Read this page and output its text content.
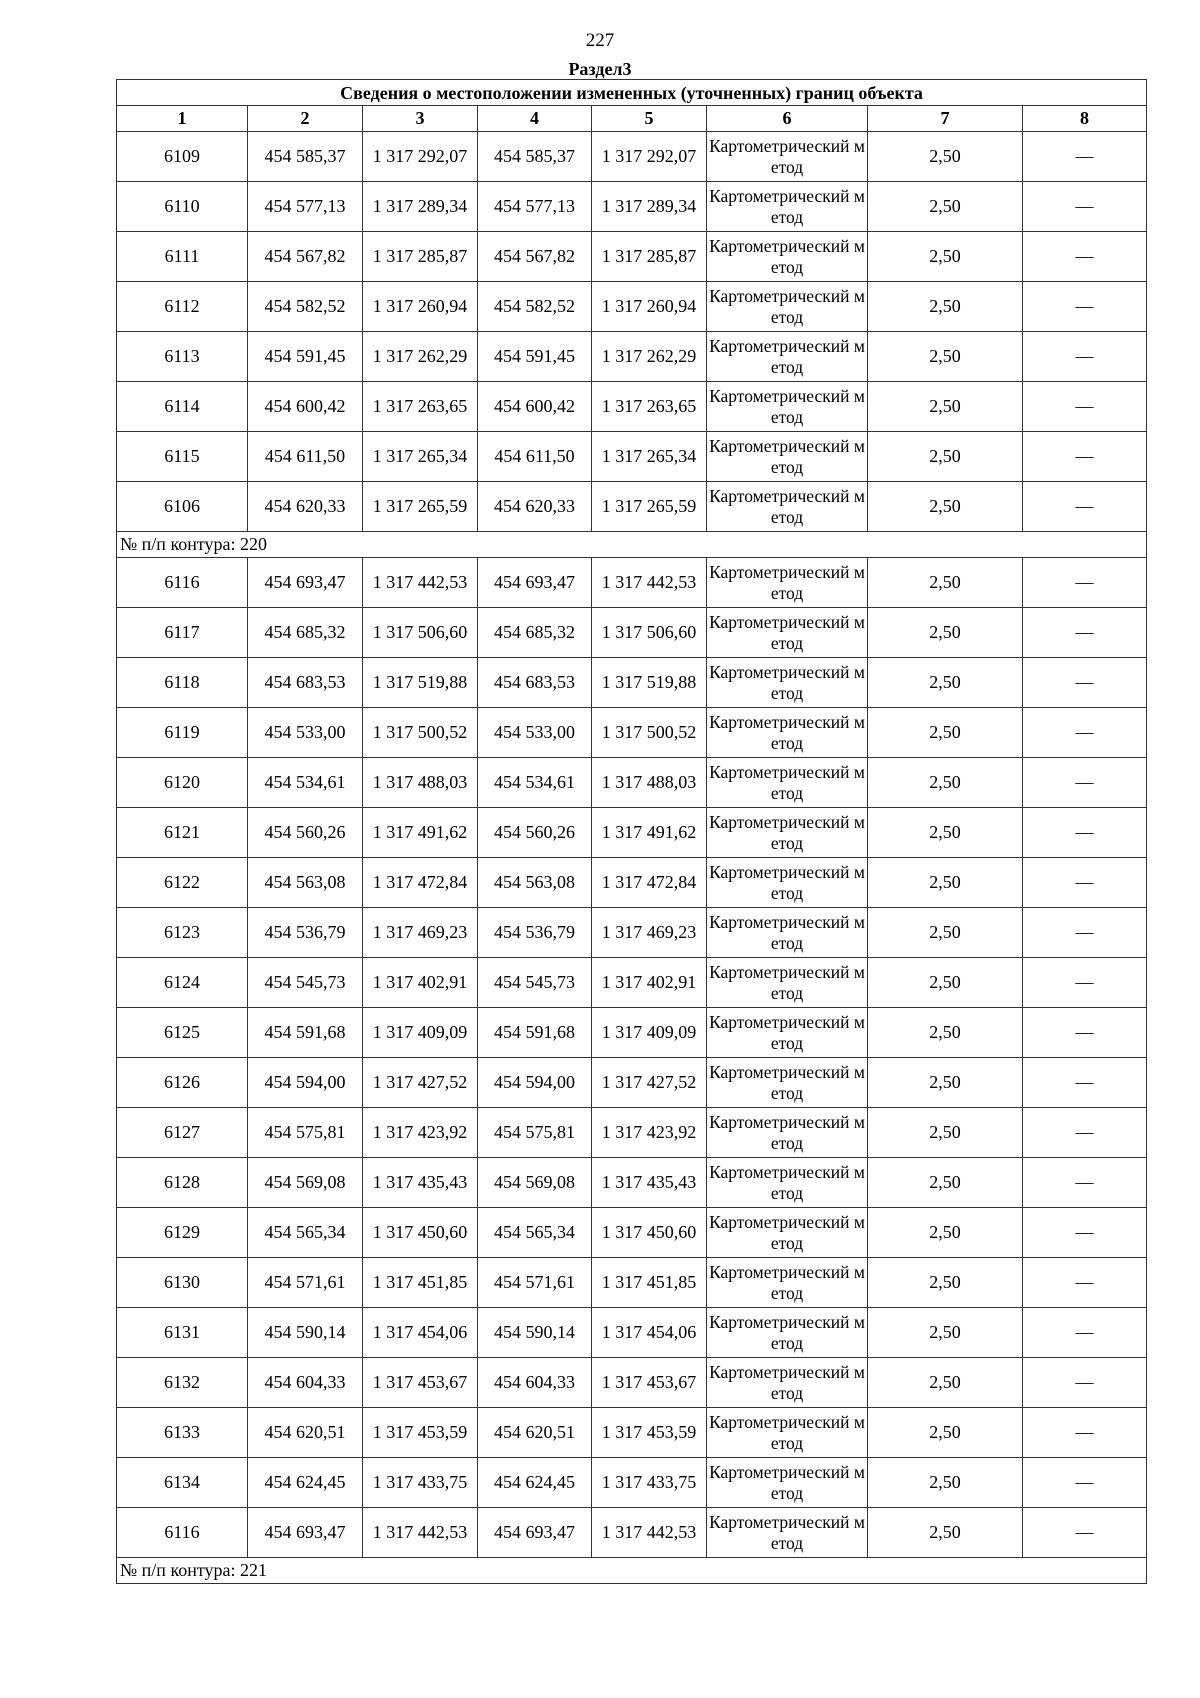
227
Раздел3
Сведения о местоположении измененных (уточненных) границ объекта							
1	2	3	4	5	6	7	8
6109	454 585,37	1 317 292,07	454 585,37	1 317 292,07	Картометрический метод	2,50	—
6110	454 577,13	1 317 289,34	454 577,13	1 317 289,34	Картометрический метод	2,50	—
6111	454 567,82	1 317 285,87	454 567,82	1 317 285,87	Картометрический метод	2,50	—
6112	454 582,52	1 317 260,94	454 582,52	1 317 260,94	Картометрический метод	2,50	—
6113	454 591,45	1 317 262,29	454 591,45	1 317 262,29	Картометрический метод	2,50	—
6114	454 600,42	1 317 263,65	454 600,42	1 317 263,65	Картометрический метод	2,50	—
6115	454 611,50	1 317 265,34	454 611,50	1 317 265,34	Картометрический метод	2,50	—
6106	454 620,33	1 317 265,59	454 620,33	1 317 265,59	Картометрический метод	2,50	—
№ п/п контура: 220							
6116	454 693,47	1 317 442,53	454 693,47	1 317 442,53	Картометрический метод	2,50	—
6117	454 685,32	1 317 506,60	454 685,32	1 317 506,60	Картометрический метод	2,50	—
6118	454 683,53	1 317 519,88	454 683,53	1 317 519,88	Картометрический метод	2,50	—
6119	454 533,00	1 317 500,52	454 533,00	1 317 500,52	Картометрический метод	2,50	—
6120	454 534,61	1 317 488,03	454 534,61	1 317 488,03	Картометрический метод	2,50	—
6121	454 560,26	1 317 491,62	454 560,26	1 317 491,62	Картометрический метод	2,50	—
6122	454 563,08	1 317 472,84	454 563,08	1 317 472,84	Картометрический метод	2,50	—
6123	454 536,79	1 317 469,23	454 536,79	1 317 469,23	Картометрический метод	2,50	—
6124	454 545,73	1 317 402,91	454 545,73	1 317 402,91	Картометрический метод	2,50	—
6125	454 591,68	1 317 409,09	454 591,68	1 317 409,09	Картометрический метод	2,50	—
6126	454 594,00	1 317 427,52	454 594,00	1 317 427,52	Картометрический метод	2,50	—
6127	454 575,81	1 317 423,92	454 575,81	1 317 423,92	Картометрический метод	2,50	—
6128	454 569,08	1 317 435,43	454 569,08	1 317 435,43	Картометрический метод	2,50	—
6129	454 565,34	1 317 450,60	454 565,34	1 317 450,60	Картометрический метод	2,50	—
6130	454 571,61	1 317 451,85	454 571,61	1 317 451,85	Картометрический метод	2,50	—
6131	454 590,14	1 317 454,06	454 590,14	1 317 454,06	Картометрический метод	2,50	—
6132	454 604,33	1 317 453,67	454 604,33	1 317 453,67	Картометрический метод	2,50	—
6133	454 620,51	1 317 453,59	454 620,51	1 317 453,59	Картометрический метод	2,50	—
6134	454 624,45	1 317 433,75	454 624,45	1 317 433,75	Картометрический метод	2,50	—
6116	454 693,47	1 317 442,53	454 693,47	1 317 442,53	Картометрический метод	2,50	—
№ п/п контура: 221							
